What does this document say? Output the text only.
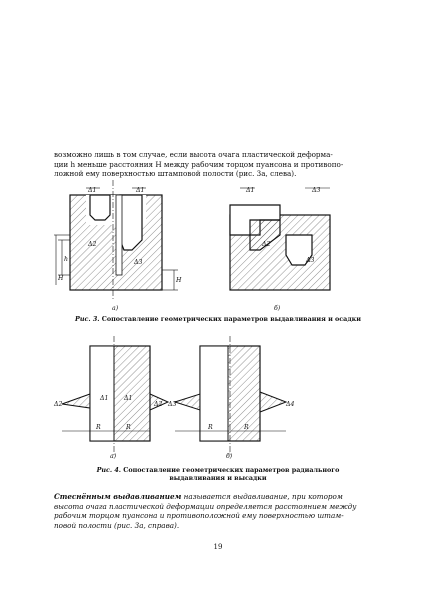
возможно лишь в том случае, если высота очага пластической деформа-
ции h меньше расстояния H между рабочим торцом пуансона и противопо-
ложной ему поверхностью штамповой полости (рис. 3а, слева).
Δ1	Δ1
Δ2
Δ3
h
H	H
а)
Δ1	Δ3
Δ2
Δ3
б)
Рис. 3. Сопоставление геометрических параметров выдавливания и осадки
Δ2
Δ1	Δ1
Δ2
R	R
а)
Δ3	Δ4
R	R
б)
Рис. 4. Сопоставление геометрических параметров радиального
выдавливания и высадки
Стеснённым выдавливанием называется выдавливание, при котором
высота очага пластической деформации определяется расстоянием между
рабочим торцом пуансона и противоположной ему поверхностью штам-
повой полости (рис. 3а, справа).
19
